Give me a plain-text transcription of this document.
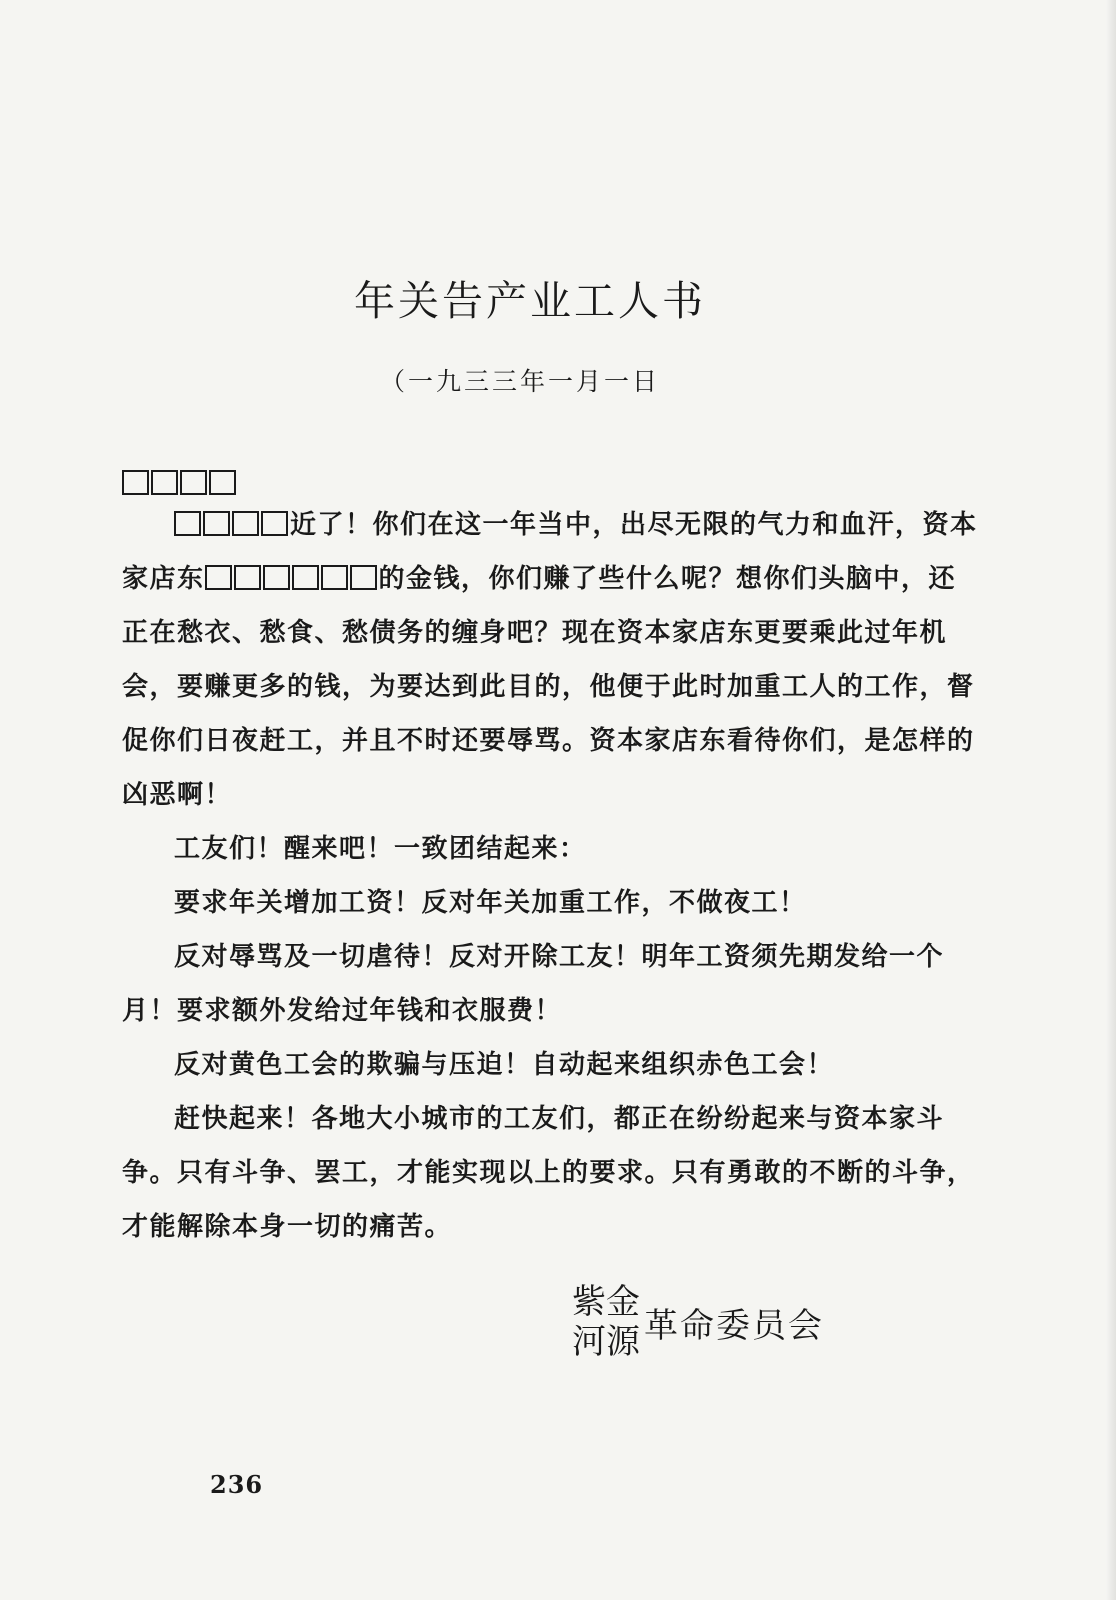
年关告产业工人书
（一九三三年一月一日

近了！你们在这一年当中，出尽无限的气力和血汗，资本家店东	的金钱，你们赚了些什么呢？想你们头脑中，还正在愁衣、愁食、愁债务的缠身吧？现在资本家店东更要乘此过年机会，要赚更多的钱，为要达到此目的，他便于此时加重工人的工作，督促你们日夜赶工，并且不时还要辱骂。资本家店东看待你们，是怎样的凶恶啊！

工友们！醒来吧！一致团结起来：

要求年关增加工资！反对年关加重工作，不做夜工！

反对辱骂及一切虐待！反对开除工友！明年工资须先期发给一个月！要求额外发给过年钱和衣服费！

反对黄色工会的欺骗与压迫！自动起来组织赤色工会！

赶快起来！各地大小城市的工友们，都正在纷纷起来与资本家斗争。只有斗争、罢工，才能实现以上的要求。只有勇敢的不断的斗争，才能解除本身一切的痛苦。

紫金
河源 革命委员会
236
